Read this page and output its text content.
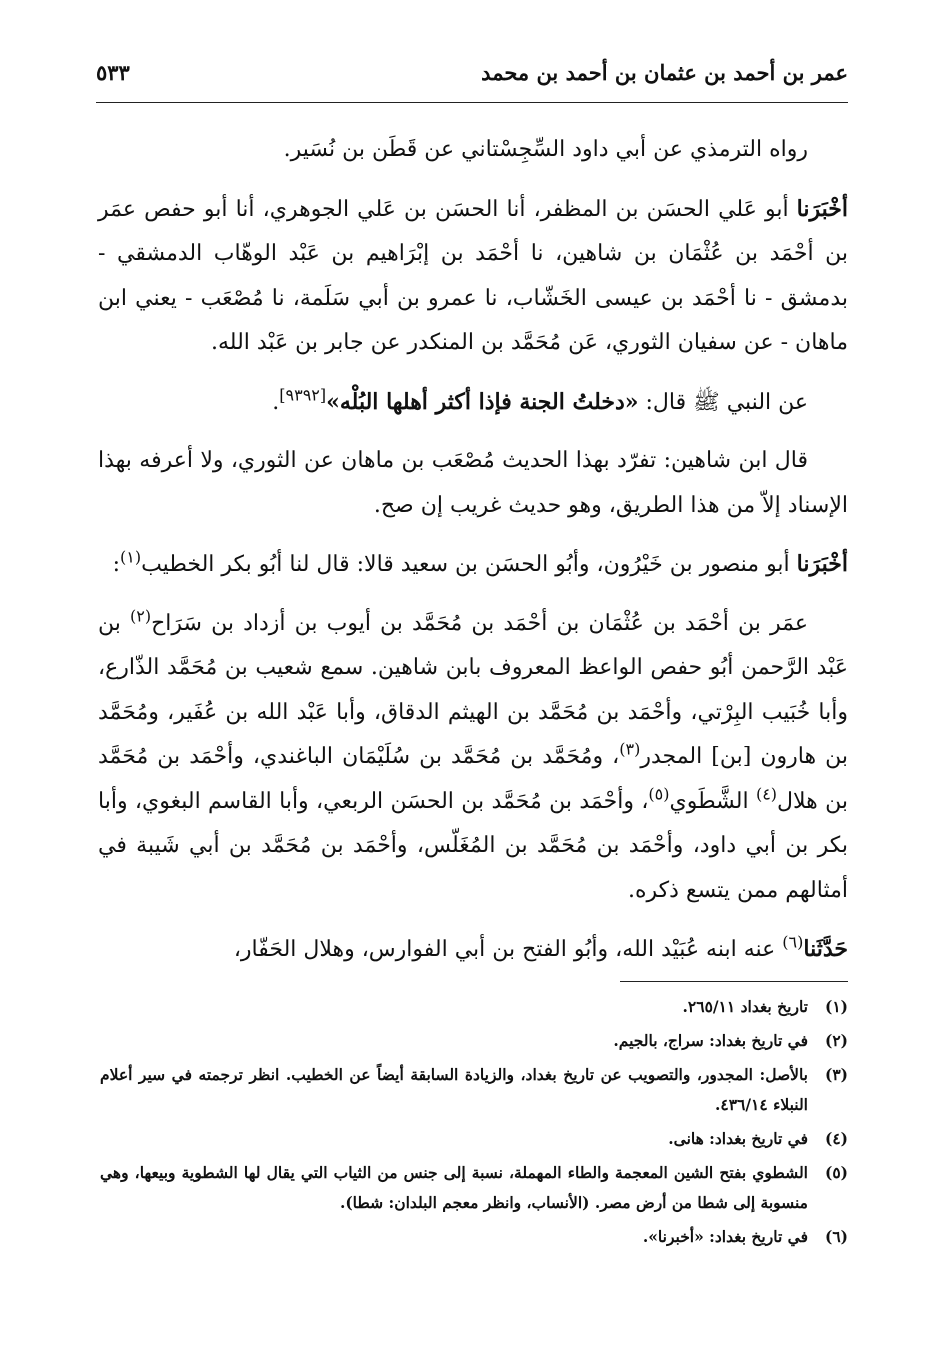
عمر بن أحمد بن عثمان بن أحمد بن محمد
٥٣٣

رواه الترمذي عن أبي داود السِّجِسْتاني عن قَطَن بن نُسَير.

أخْبَرَنا أبو عَلي الحسَن بن المظفر، أنا الحسَن بن عَلي الجوهري، أنا أبو حفص عمَر بن أحْمَد بن عُثْمَان بن شاهين، نا أحْمَد بن إبْرَاهيم بن عَبْد الوهّاب الدمشقي - بدمشق - نا أحْمَد بن عيسى الخَشّاب، نا عمرو بن أبي سَلَمة، نا مُصْعَب - يعني ابن ماهان - عن سفيان الثوري، عَن مُحَمَّد بن المنكدر عن جابر بن عَبْد الله.

عن النبي ﷺ قال: «دخلتُ الجنة فإذا أكثر أهلها البُلْه»[٩٣٩٢].

قال ابن شاهين: تفرّد بهذا الحديث مُصْعَب بن ماهان عن الثوري، ولا أعرفه بهذا الإسناد إلاّ من هذا الطريق، وهو حديث غريب إن صح.

أخْبَرَنا أبو منصور بن خَيْرُون، وأبُو الحسَن بن سعيد قالا: قال لنا أبُو بكر الخطيب$^{(١)}$:

عمَر بن أحْمَد بن عُثْمَان بن أحْمَد بن مُحَمَّد بن أيوب بن أزداد بن سَرَاح$^{(٢)}$ بن عَبْد الرَّحمن أبُو حفص الواعظ المعروف بابن شاهين. سمع شعيب بن مُحَمَّد الذّارع، وأبا خُبَيب البِرْتي، وأحْمَد بن مُحَمَّد بن الهيثم الدقاق، وأبا عَبْد الله بن عُفَير، ومُحَمَّد بن هارون [بن] المجدر$^{(٣)}$، ومُحَمَّد بن مُحَمَّد بن سُلَيْمَان الباغندي، وأحْمَد بن مُحَمَّد بن هلال$^{(٤)}$ الشَّطَوي$^{(٥)}$، وأحْمَد بن مُحَمَّد بن الحسَن الربعي، وأبا القاسم البغوي، وأبا بكر بن أبي داود، وأحْمَد بن مُحَمَّد بن المُغَلّس، وأحْمَد بن مُحَمَّد بن أبي شَيبة في أمثالهم ممن يتسع ذكره.

حَدَّثَنا$^{(٦)}$ عنه ابنه عُبَيْد الله، وأبُو الفتح بن أبي الفوارس، وهلال الحَفّار،

(١)
تاريخ بغداد ٢٦٥/١١.
(٢)
في تاريخ بغداد: سراج، بالجيم.
(٣)
بالأصل: المجدور، والتصويب عن تاريخ بغداد، والزيادة السابقة أيضاً عن الخطيب. انظر ترجمته في سير أعلام النبلاء ٤٣٦/١٤.
(٤)
في تاريخ بغداد: هانى.
(٥)
الشطوي بفتح الشين المعجمة والطاء المهملة، نسبة إلى جنس من الثياب التي يقال لها الشطوية وبيعها، وهي منسوبة إلى شطا من أرض مصر. (الأنساب، وانظر معجم البلدان: شطا).
(٦)
في تاريخ بغداد: «أخبرنا».
